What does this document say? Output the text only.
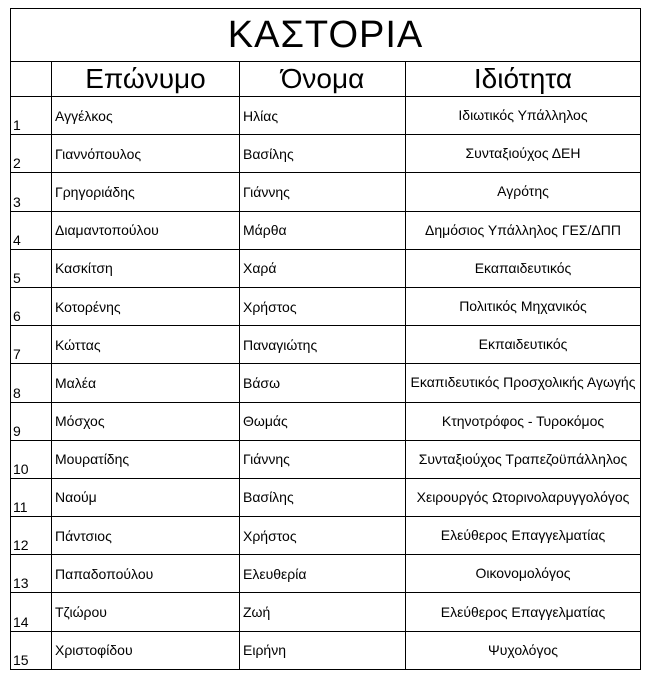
ΚΑΣΤΟΡΙΑ			
	Επώνυμο	Όνομα	Ιδιότητα
1	Αγγέλκος	Ηλίας	Ιδιωτικός Υπάλληλος
2	Γιαννόπουλος	Βασίλης	Συνταξιούχος ΔΕΗ
3	Γρηγοριάδης	Γιάννης	Αγρότης
4	Διαμαντοπούλου	Μάρθα	Δημόσιος Υπάλληλος ΓΕΣ/ΔΠΠ
5	Κασκίτση	Χαρά	Εκαπαιδευτικός
6	Κοτορένης	Χρήστος	Πολιτικός Μηχανικός
7	Κώττας	Παναγιώτης	Εκπαιδευτικός
8	Μαλέα	Βάσω	Εκαπιδευτικός Προσχολικής Αγωγής
9	Μόσχος	Θωμάς	Κτηνοτρόφος - Τυροκόμος
10	Μουρατίδης	Γιάννης	Συνταξιούχος Τραπεζοϋπάλληλος
11	Ναούμ	Βασίλης	Χειρουργός Ωτορινολαρυγγολόγος
12	Πάντσιος	Χρήστος	Ελεύθερος Επαγγελματίας
13	Παπαδοπούλου	Ελευθερία	Οικονομολόγος
14	Τζιώρου	Ζωή	Ελεύθερος Επαγγελματίας
15	Χριστοφίδου	Ειρήνη	Ψυχολόγος
